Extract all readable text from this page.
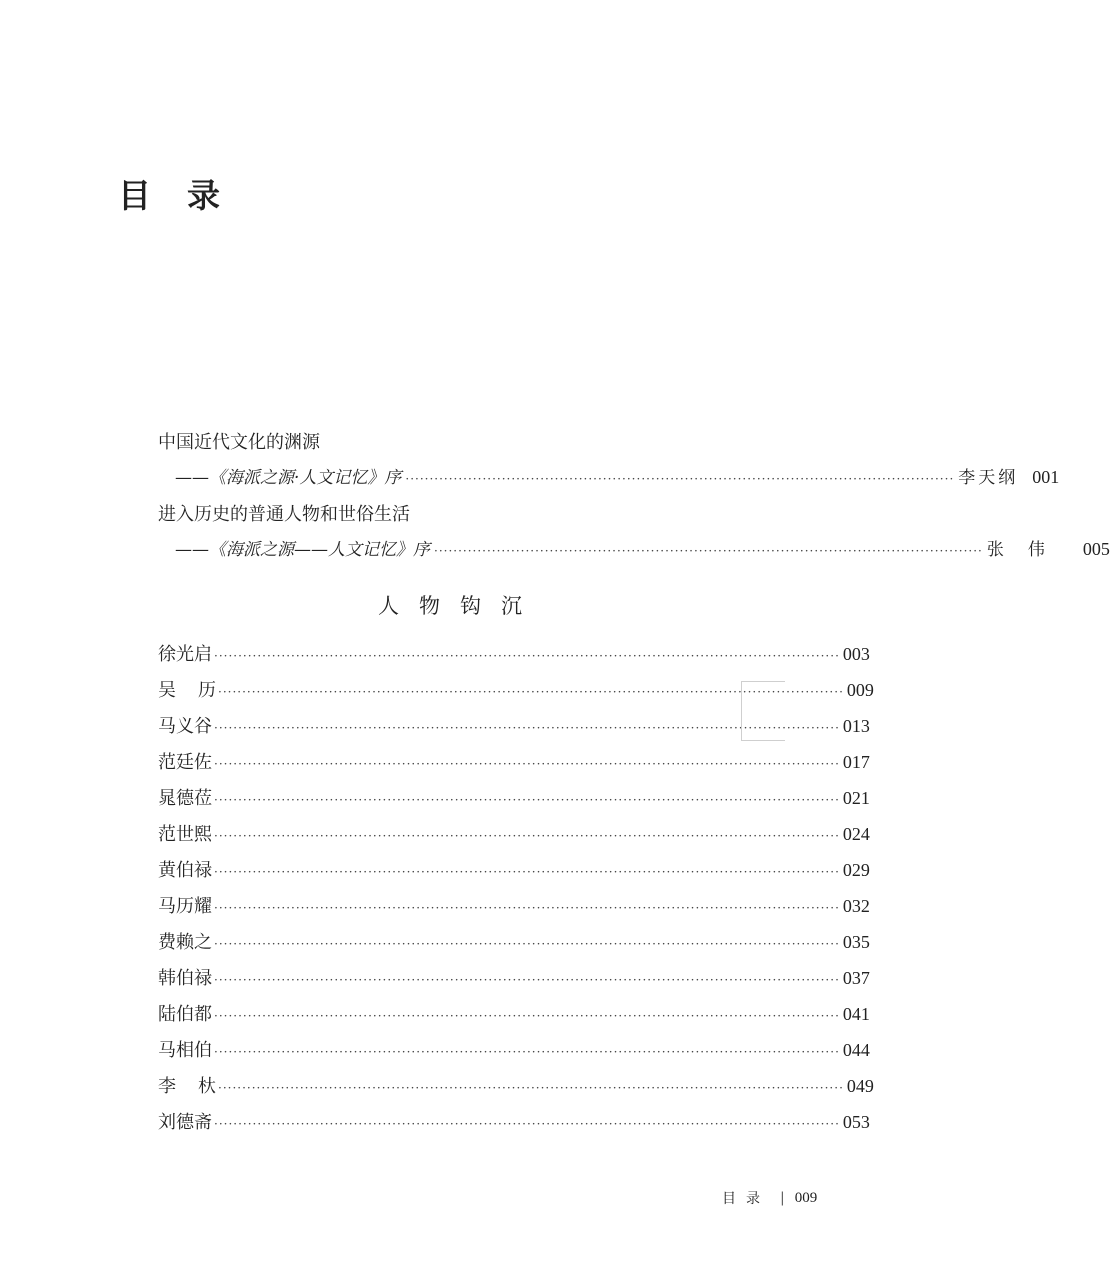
目 录
中国近代文化的渊源
——《海派之源·人文记忆》序 ·················································································································· 李天纲 001
进入历史的普通人物和世俗生活
——《海派之源——人文记忆》序 ·················································································································· 张伟 005
人物钩沉
徐光启 ·································································································································· 003
吴历
·································································································································· 009
马义谷 ·································································································································· 013
范廷佐 ·································································································································· 017
晁德莅 ·································································································································· 021
范世熙 ·································································································································· 024
黄伯禄 ·································································································································· 029
马历耀 ·································································································································· 032
费赖之 ·································································································································· 035
韩伯禄 ·································································································································· 037
陆伯都 ·································································································································· 041
马相伯 ·································································································································· 044
李杕
·································································································································· 049
刘德斋 ·································································································································· 053
目录 | 009
